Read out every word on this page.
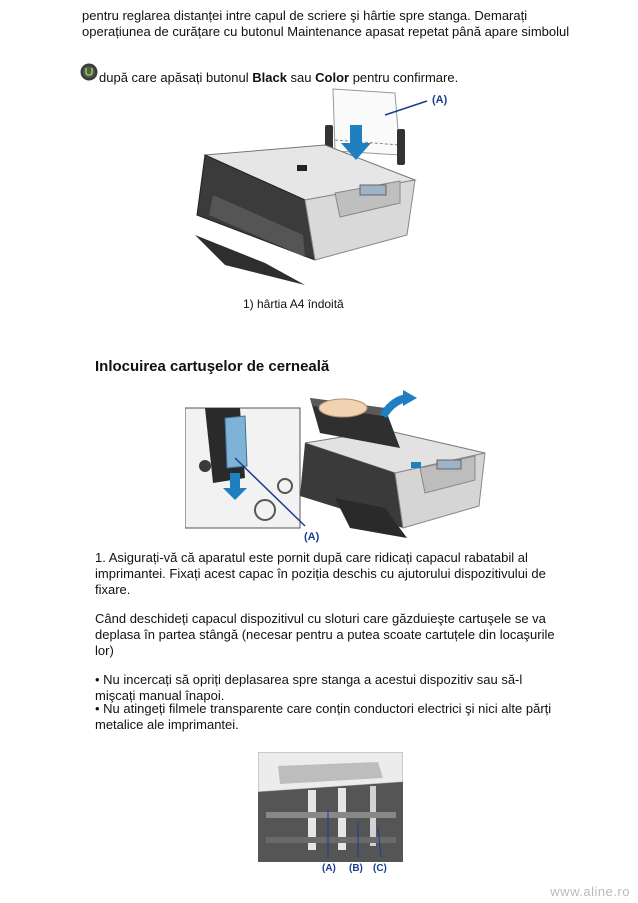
pentru reglarea distanței intre capul de scriere şi hârtie spre stanga. Demarați
operațiunea de curățare cu butonul Maintenance apasat repetat până apare simbolul
după care apăsați butonul Black sau Color pentru confirmare.
(A)
1) hârtia A4 îndoită
Inlocuirea cartuşelor de cerneală
(A)
1. Asigurați-vă că aparatul este pornit după care ridicați capacul rabatabil al imprimantei. Fixați acest capac în poziția deschis cu ajutorului dispozitivului de fixare.
Când deschideți capacul dispozitivul cu sloturi care găzduieşte cartuşele se va deplasa în partea stângă (necesar pentru a putea scoate cartuțele din locaşurile lor)
• Nu incercați să opriți deplasarea spre stanga a acestui dispozitiv sau să-l mişcați manual înapoi.
• Nu atingeți filmele transparente care conțin conductori electrici şi nici alte părți metalice ale imprimantei.
(A) (B) (C)
www.aline.ro
